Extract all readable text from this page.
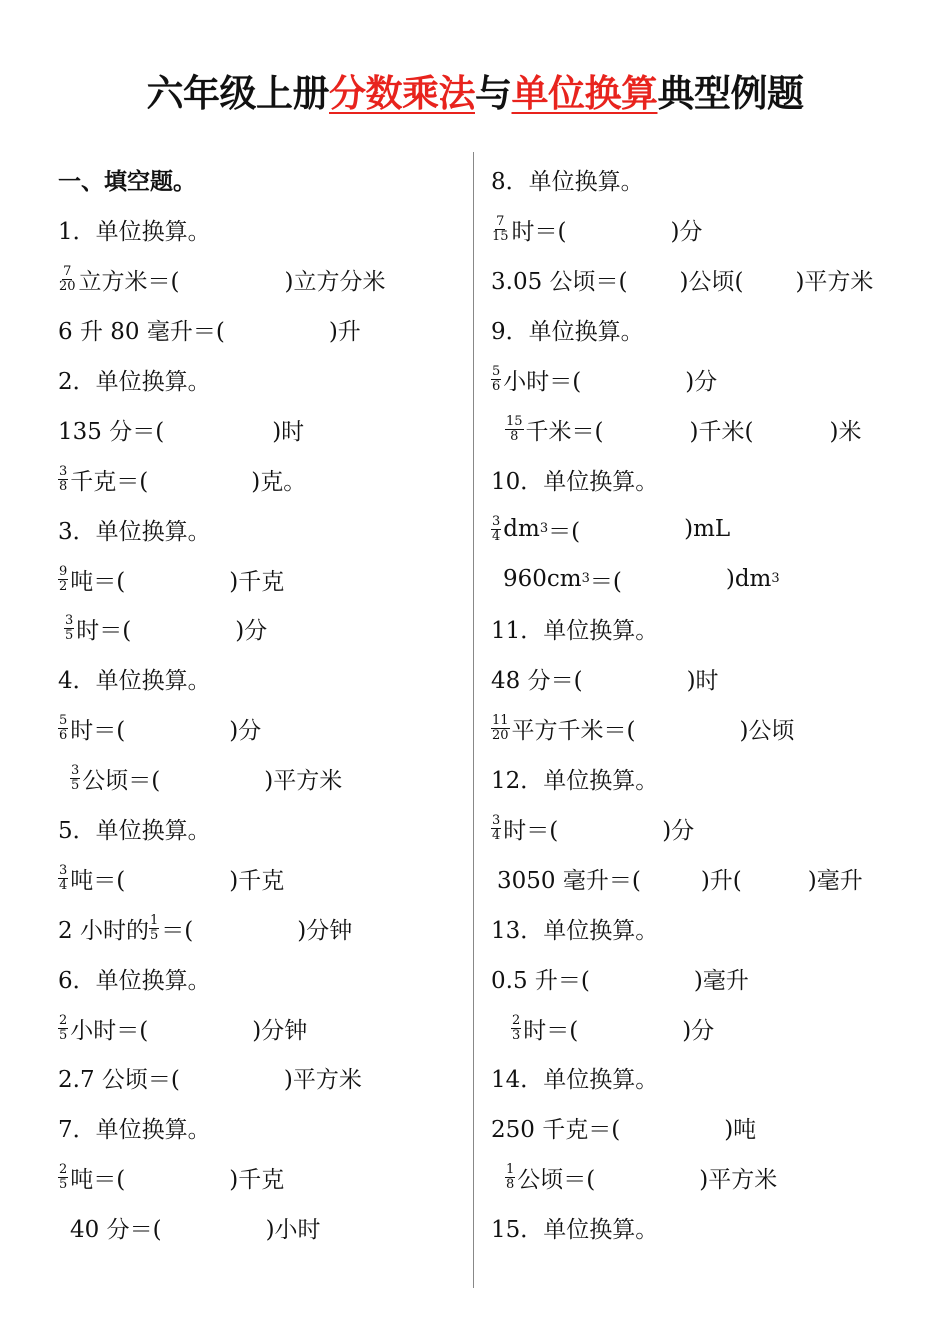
六年级上册分数乘法与单位换算典型例题
一、填空题。
1．单位换算。
$\frac{7}{20}$ 立方米＝(	)立方分米
6 升 80 毫升＝(	)升
2．单位换算。
135 分＝(	)时
$\frac{3}{8}$ 千克＝(	)克。
3．单位换算。
$\frac{9}{2}$ 吨＝(	)千克
$\frac{3}{5}$ 时＝(	)分
4．单位换算。
$\frac{5}{6}$ 时＝(	)分
$\frac{3}{5}$ 公顷＝(	)平方米
5．单位换算。
$\frac{3}{4}$ 吨＝(	)千克
2 小时的 $\frac{1}{5}$ ＝(	)分钟
6．单位换算。
$\frac{2}{5}$ 小时＝(	)分钟
2.7 公顷＝(	)平方米
7．单位换算。
$\frac{2}{5}$ 吨＝(	)千克
40 分＝(	)小时
8．单位换算。
$\frac{7}{15}$ 时＝(	)分
3.05 公顷＝( )公顷( )平方米
9．单位换算。
$\frac{5}{6}$ 小时＝(	)分
$\frac{15}{8}$ 千米＝(	)千米(	)米
10．单位换算。
$\frac{3}{4}$ dm 3 ＝(	)mL
960cm 3 ＝(	)dm 3
11．单位换算。
48 分＝(	)时
$\frac{11}{20}$ 平方千米＝(	)公顷
12．单位换算。
$\frac{3}{4}$ 时＝(	)分
3050 毫升＝(	)升(	)毫升
13．单位换算。
0.5 升＝(	)毫升
$\frac{2}{3}$ 时＝(	)分
14．单位换算。
250 千克＝(	)吨
$\frac{1}{8}$ 公顷＝(	)平方米
15．单位换算。
